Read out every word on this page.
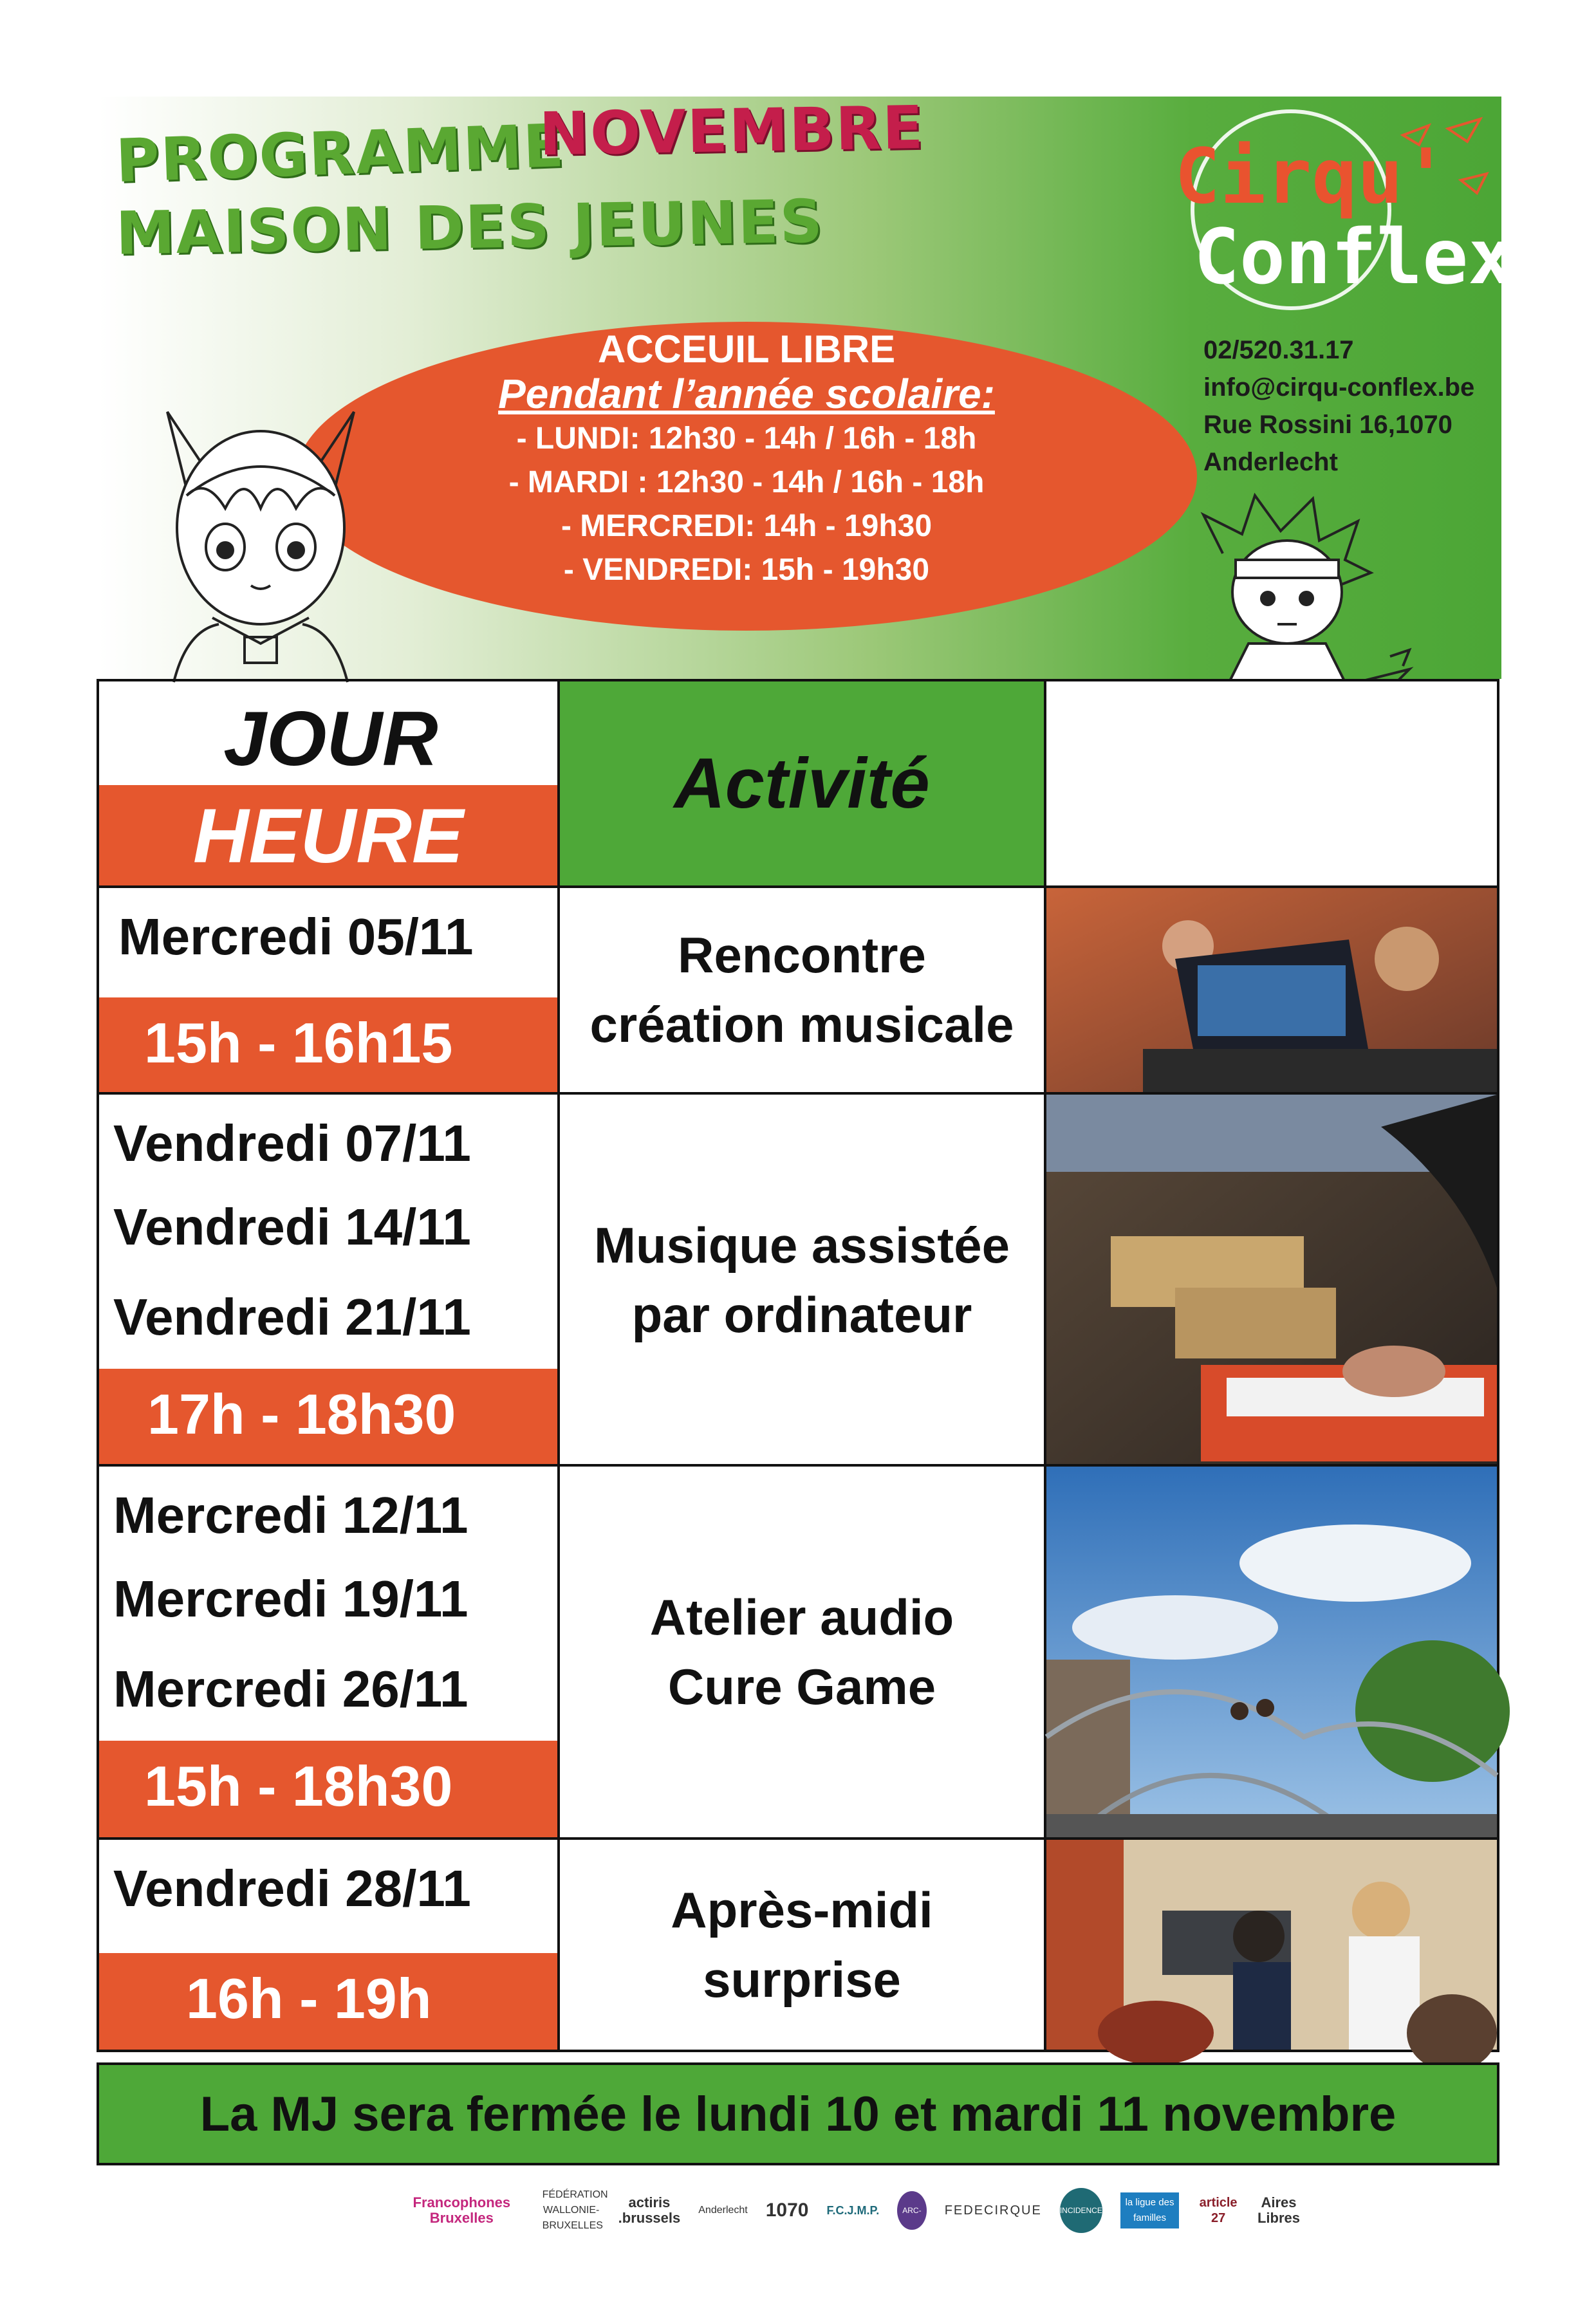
PROGRAMME
NOVEMBRE
MAISON DES JEUNES
Cirqu'
Conflex
02/520.31.17
info@cirqu-conflex.be
Rue Rossini 16,1070
Anderlecht
ACCEUIL LIBRE
Pendant l’année scolaire:
- LUNDI: 12h30 - 14h / 16h - 18h
- MARDI : 12h30 - 14h / 16h - 18h
- MERCREDI: 14h - 19h30
- VENDREDI: 15h - 19h30
JOUR
HEURE
Activité
Mercredi 05/11
15h - 16h15
Rencontre
création musicale
Vendredi 07/11
Vendredi 14/11
Vendredi 21/11
17h - 18h30
Musique assistée
par ordinateur
Mercredi 12/11
Mercredi 19/11
Mercredi 26/11
15h - 18h30
Atelier audio
Cure Game
Vendredi 28/11
16h - 19h
Après-midi
surprise
La MJ sera fermée le lundi 10 et mardi 11 novembre
Francophones Bruxelles
FÉDÉRATION WALLONIE-BRUXELLES
actiris .brussels Anderlecht 1070 F.C.J.M.P.	ARC-EN-CIEL
FEDECIRQUE INCIDENCE
la ligue des familles
article 27
Aires Libres
